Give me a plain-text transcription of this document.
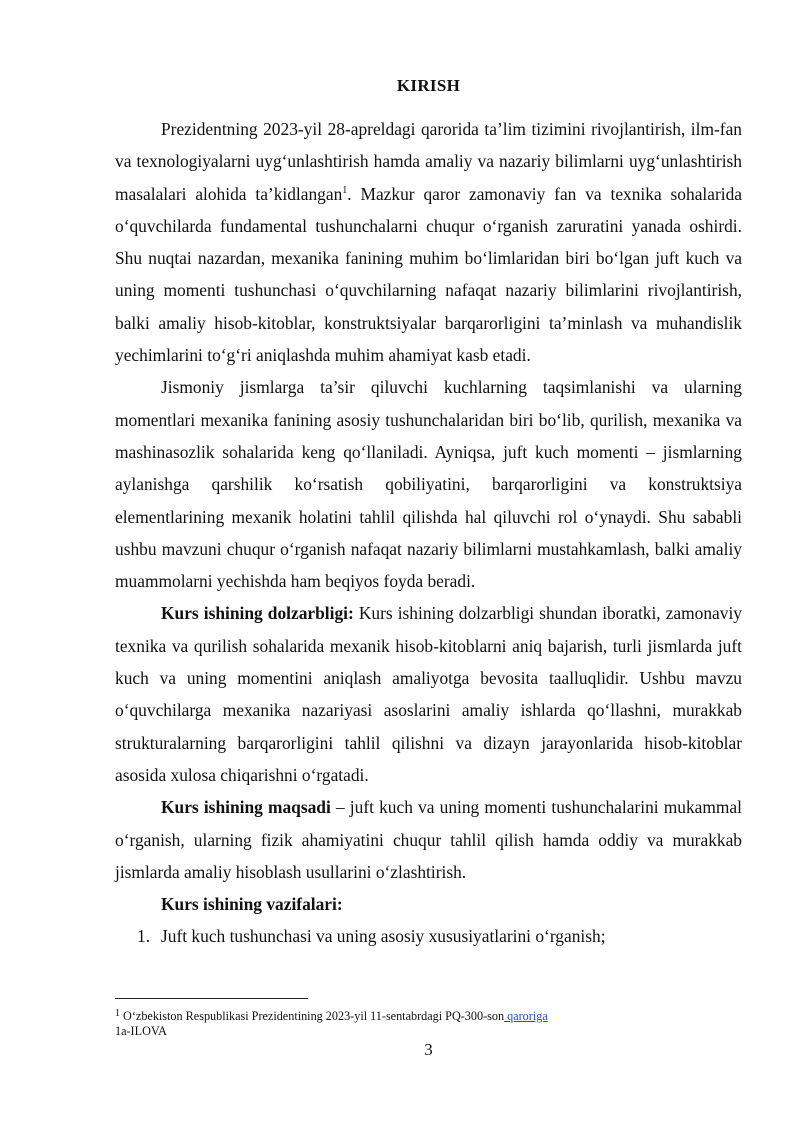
KIRISH

Prezidentning 2023-yil 28-apreldagi qarorida ta’lim tizimini rivojlantirish, ilm-fan va texnologiyalarni uyg‘unlashtirish hamda amaliy va nazariy bilimlarni uyg‘unlashtirish masalalari alohida ta’kidlangan$^1$. Mazkur qaror zamonaviy fan va texnika sohalarida o‘quvchilarda fundamental tushunchalarni chuqur o‘rganish zaruratini yanada oshirdi. Shu nuqtai nazardan, mexanika fanining muhim bo‘limlaridan biri bo‘lgan juft kuch va uning momenti tushunchasi o‘quvchilarning nafaqat nazariy bilimlarini rivojlantirish, balki amaliy hisob-kitoblar, konstruktsiyalar barqarorligini ta’minlash va muhandislik yechimlarini to‘g‘ri aniqlashda muhim ahamiyat kasb etadi.

Jismoniy jismlarga ta’sir qiluvchi kuchlarning taqsimlanishi va ularning momentlari mexanika fanining asosiy tushunchalaridan biri bo‘lib, qurilish, mexanika va mashinasozlik sohalarida keng qo‘llaniladi. Ayniqsa, juft kuch momenti – jismlarning aylanishga qarshilik ko‘rsatish qobiliyatini, barqarorligini va konstruktsiya elementlarining mexanik holatini tahlil qilishda hal qiluvchi rol o‘ynaydi. Shu sababli ushbu mavzuni chuqur o‘rganish nafaqat nazariy bilimlarni mustahkamlash, balki amaliy muammolarni yechishda ham beqiyos foyda beradi.

Kurs ishining dolzarbligi: Kurs ishining dolzarbligi shundan iboratki, zamonaviy texnika va qurilish sohalarida mexanik hisob-kitoblarni aniq bajarish, turli jismlarda juft kuch va uning momentini aniqlash amaliyotga bevosita taalluqlidir. Ushbu mavzu o‘quvchilarga mexanika nazariyasi asoslarini amaliy ishlarda qo‘llashni, murakkab strukturalarning barqarorligini tahlil qilishni va dizayn jarayonlarida hisob-kitoblar asosida xulosa chiqarishni o‘rgatadi.

Kurs ishining maqsadi – juft kuch va uning momenti tushunchalarini mukammal o‘rganish, ularning fizik ahamiyatini chuqur tahlil qilish hamda oddiy va murakkab jismlarda amaliy hisoblash usullarini o‘zlashtirish.

Kurs ishining vazifalari:

1. Juft kuch tushunchasi va uning asosiy xususiyatlarini o‘rganish;
$^1$ O‘zbekiston Respublikasi Prezidentining 2023-yil 11-sentabrdagi PQ-300-son qaroriga
1a-ILOVA
3
